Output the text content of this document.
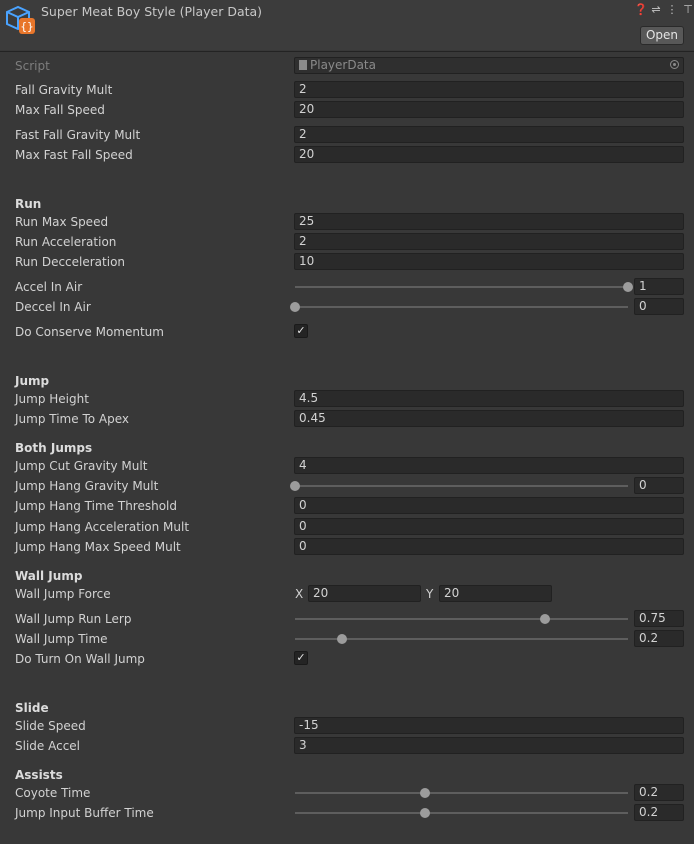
{}
Super Meat Boy Style (Player Data)	❓ ⇌ ⋮ ⊤
Open
Script	PlayerData
Fall Gravity Mult	2
Max Fall Speed	20
Fast Fall Gravity Mult	2
Max Fast Fall Speed	20
Run
Run Max Speed	25
Run Acceleration	2
Run Decceleration	10
Accel In Air	1
Deccel In Air	0
Do Conserve Momentum	✓
Jump
Jump Height	4.5
Jump Time To Apex	0.45
Both Jumps
Jump Cut Gravity Mult	4
Jump Hang Gravity Mult	0
Jump Hang Time Threshold	0
Jump Hang Acceleration Mult	0
Jump Hang Max Speed Mult	0
Wall Jump
Wall Jump Force	X 20	Y 20
Wall Jump Run Lerp	0.75
Wall Jump Time	0.2
Do Turn On Wall Jump	✓
Slide
Slide Speed	-15
Slide Accel	3
Assists
Coyote Time	0.2
Jump Input Buffer Time	0.2
